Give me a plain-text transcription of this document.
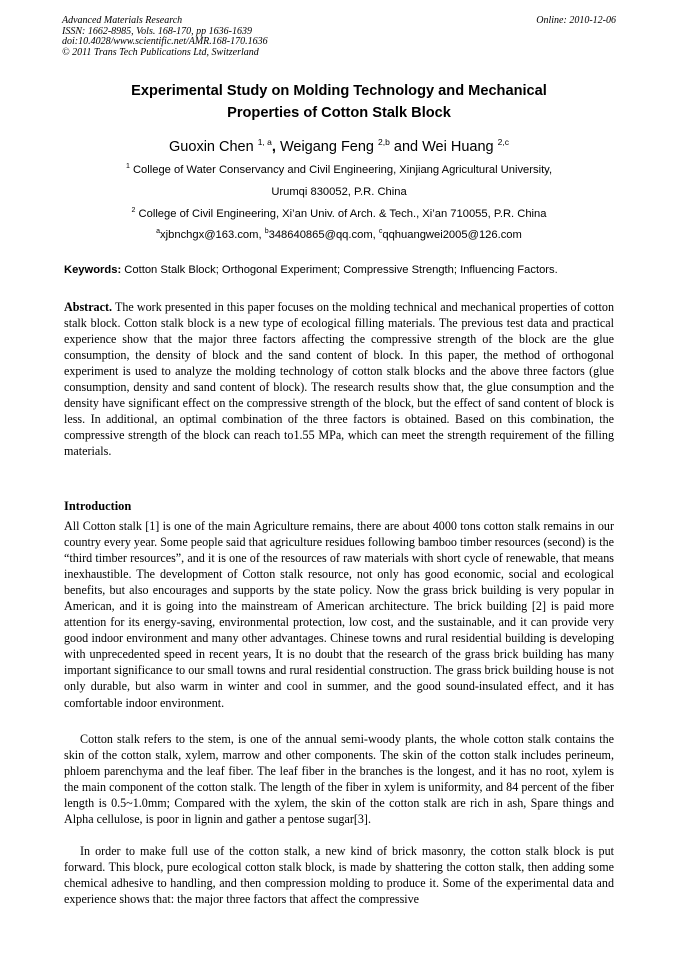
Advanced Materials Research
ISSN: 1662-8985, Vols. 168-170, pp 1636-1639
doi:10.4028/www.scientific.net/AMR.168-170.1636
© 2011 Trans Tech Publications Ltd, Switzerland
Online: 2010-12-06
Experimental Study on Molding Technology and Mechanical
Properties of Cotton Stalk Block
Guoxin Chen $^{1, a}$, Weigang Feng $^{2,b}$ and Wei Huang $^{2,c}$
$^1$ College of Water Conservancy and Civil Engineering, Xinjiang Agricultural University,
Urumqi 830052, P.R. China
$^2$ College of Civil Engineering, Xi’an Univ. of Arch. & Tech., Xi’an 710055, P.R. China
$^a$xjbnchgx@163.com, $^b$348640865@qq.com, $^c$qqhuangwei2005@126.com
Keywords: Cotton Stalk Block; Orthogonal Experiment; Compressive Strength; Influencing Factors.
Abstract. The work presented in this paper focuses on the molding technical and mechanical properties of cotton stalk block. Cotton stalk block is a new type of ecological filling materials. The previous test data and practical experience show that the major three factors affecting the compressive strength of the block are the glue consumption, the density of block and the sand content of block. In this paper, the method of orthogonal experiment is used to analyze the molding technology of cotton stalk blocks and the above three factors (glue consumption, density and sand content of block). The research results show that, the glue consumption and the density have significant effect on the compressive strength of the block, but the effect of sand content of block is less. In additional, an optimal combination of the three factors is obtained. Based on this combination, the compressive strength of the block can reach to1.55 MPa, which can meet the strength requirement of the filling materials.
Introduction
All Cotton stalk [1] is one of the main Agriculture remains, there are about 4000 tons cotton stalk remains in our country every year. Some people said that agriculture residues following bamboo timber resources (second) is the “third timber resources”, and it is one of the resources of raw materials with short cycle of renewable, that means inexhaustible. The development of Cotton stalk resource, not only has good economic, social and ecological benefits, but also encourages and supports by the state policy. Now the grass brick building is very popular in American, and it is going into the mainstream of American architecture. The brick building [2] is paid more attention for its energy-saving, environmental protection, low cost, and the sustainable, and it can provide very good indoor environment and many other advantages. Chinese towns and rural residential building is developing with unprecedented speed in recent years, It is no doubt that the research of the grass brick building has many important significance to our small towns and rural residential construction. The grass brick building house is not only durable, but also warm in winter and cool in summer, and the good sound-insulated effect, and it has comfortable indoor environment.
Cotton stalk refers to the stem, is one of the annual semi-woody plants, the whole cotton stalk contains the skin of the cotton stalk, xylem, marrow and other components. The skin of the cotton stalk includes perineum, phloem parenchyma and the leaf fiber. The leaf fiber in the branches is the longest, and it has no root, xylem is the main component of the cotton stalk. The length of the fiber in xylem is uniformity, and 84 percent of the fiber length is 0.5~1.0mm; Compared with the xylem, the skin of the cotton stalk are rich in ash, Spare things and Alpha cellulose, is poor in lignin and gather a pentose sugar[3].
In order to make full use of the cotton stalk, a new kind of brick masonry, the cotton stalk block is put forward. This block, pure ecological cotton stalk block, is made by shattering the cotton stalk, then adding some chemical adhesive to handling, and then compression molding to produce it. Some of the experimental data and experience shows that: the major three factors that affect the compressive
